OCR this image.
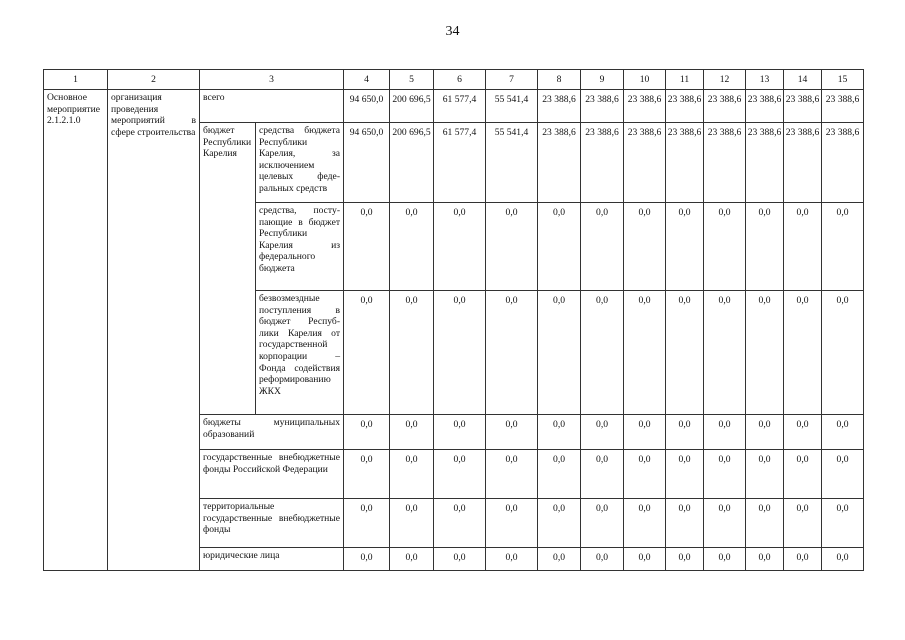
34
1	2	3		4	5	6	7	8	9	10	11	12	13	14	15
Основное мероприятие 2.1.2.1.0	организация проведения мероприятий в сфере строительства	всего		94 650,0	200 696,5	61 577,4	55 541,4	23 388,6	23 388,6	23 388,6	23 388,6	23 388,6	23 388,6	23 388,6	23 388,6
		бюджет Республики Карелия	средства бюджета Республики Карелия, за исключением целевых федеральных средств	94 650,0	200 696,5	61 577,4	55 541,4	23 388,6	23 388,6	23 388,6	23 388,6	23 388,6	23 388,6	23 388,6	23 388,6
			средства, поступающие в бюджет Республики Карелия из федерального бюджета	0,0	0,0	0,0	0,0	0,0	0,0	0,0	0,0	0,0	0,0	0,0	0,0
			безвозмездные поступления в бюджет Республики Карелия от государственной корпорации – Фонда содействия реформированию ЖКХ	0,0	0,0	0,0	0,0	0,0	0,0	0,0	0,0	0,0	0,0	0,0	0,0
		бюджеты муниципальных образований		0,0	0,0	0,0	0,0	0,0	0,0	0,0	0,0	0,0	0,0	0,0	0,0
		государственные внебюджетные фонды Российской Федерации		0,0	0,0	0,0	0,0	0,0	0,0	0,0	0,0	0,0	0,0	0,0	0,0
		территориальные государственные внебюджетные фонды		0,0	0,0	0,0	0,0	0,0	0,0	0,0	0,0	0,0	0,0	0,0	0,0
		юридические лица		0,0	0,0	0,0	0,0	0,0	0,0	0,0	0,0	0,0	0,0	0,0	0,0
